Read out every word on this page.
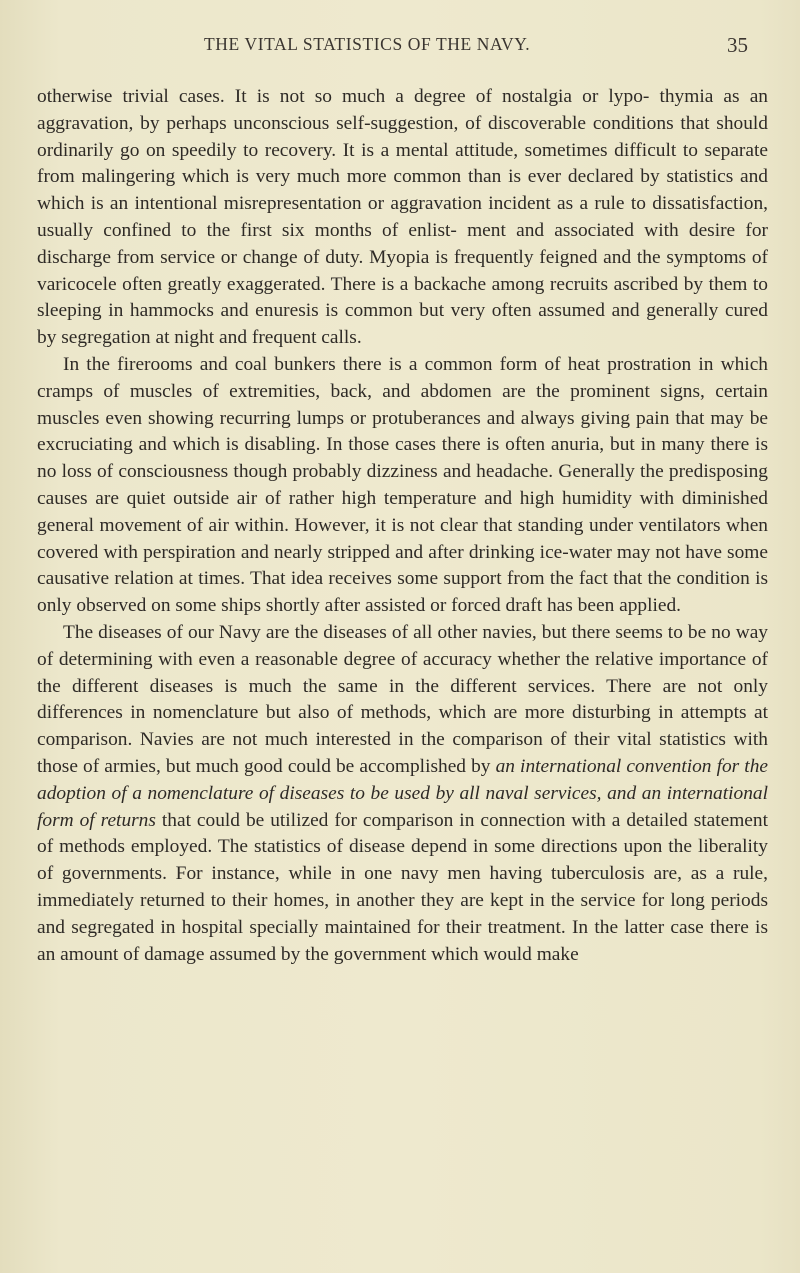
THE VITAL STATISTICS OF THE NAVY.	35

otherwise trivial cases. It is not so much a degree of nostalgia or lypo- thymia as an aggravation, by perhaps unconscious self-suggestion, of discoverable conditions that should ordinarily go on speedily to recovery. It is a mental attitude, sometimes difficult to separate from malingering which is very much more common than is ever declared by statistics and which is an intentional misrepresentation or aggravation incident as a rule to dissatisfaction, usually confined to the first six months of enlist- ment and associated with desire for discharge from service or change of duty. Myopia is frequently feigned and the symptoms of varicocele often greatly exaggerated. There is a backache among recruits ascribed by them to sleeping in hammocks and enuresis is common but very often assumed and generally cured by segregation at night and frequent calls.

In the firerooms and coal bunkers there is a common form of heat prostration in which cramps of muscles of extremities, back, and abdomen are the prominent signs, certain muscles even showing recurring lumps or protuberances and always giving pain that may be excruciating and which is disabling. In those cases there is often anuria, but in many there is no loss of consciousness though probably dizziness and headache. Generally the predisposing causes are quiet outside air of rather high temperature and high humidity with diminished general movement of air within. However, it is not clear that standing under ventilators when covered with perspiration and nearly stripped and after drinking ice-water may not have some causative relation at times. That idea receives some support from the fact that the condition is only observed on some ships shortly after assisted or forced draft has been applied.

The diseases of our Navy are the diseases of all other navies, but there seems to be no way of determining with even a reasonable degree of accuracy whether the relative importance of the different diseases is much the same in the different services. There are not only differences in nomenclature but also of methods, which are more disturbing in attempts at comparison. Navies are not much interested in the comparison of their vital statistics with those of armies, but much good could be accomplished by an international convention for the adoption of a nomenclature of diseases to be used by all naval services, and an international form of returns that could be utilized for comparison in connection with a detailed statement of methods employed. The statistics of disease depend in some directions upon the liberality of governments. For instance, while in one navy men having tuberculosis are, as a rule, immediately returned to their homes, in another they are kept in the service for long periods and segregated in hospital specially maintained for their treatment. In the latter case there is an amount of damage assumed by the government which would make
